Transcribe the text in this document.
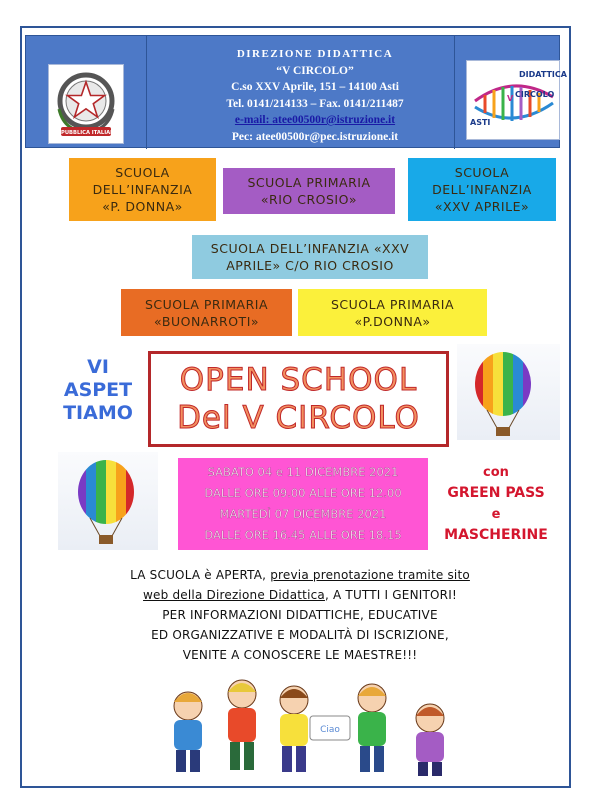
REPUBBLICA ITALIANA
DIREZIONE DIDATTICA
“V CIRCOLO”
C.so XXV Aprile, 151 – 14100 Asti
Tel. 0141/214133 – Fax. 0141/211487
e-mail: atee00500r@istruzione.it
Pec: atee00500r@pec.istruzione.it
DIDATTICA
CIRCOLO
V
ASTI
SCUOLA
DELL’INFANZIA
«P. DONNA»
SCUOLA PRIMARIA
«RIO CROSIO»
SCUOLA
DELL’INFANZIA
«XXV APRILE»
SCUOLA DELL’INFANZIA «XXV
APRILE» C/O RIO CROSIO
SCUOLA PRIMARIA
«BUONARROTI»
SCUOLA PRIMARIA
«P.DONNA»
VI
ASPET
TIAMO
OPEN SCHOOL
Del V CIRCOLO
SABATO 04 e 11 DICEMBRE 2021
DALLE ORE 09.00 ALLE ORE 12.00
MARTEDÌ 07 DICEMBRE 2021
DALLE ORE 16.45 ALLE ORE 18.15
con
GREEN PASS
e
MASCHERINE
LA SCUOLA è APERTA, previa prenotazione tramite sito
web della Direzione Didattica, A TUTTI I GENITORI!
PER INFORMAZIONI DIDATTICHE, EDUCATIVE
ED ORGANIZZATIVE E MODALITÀ DI ISCRIZIONE,
VENITE A CONOSCERE LE MAESTRE!!!
Ciao
